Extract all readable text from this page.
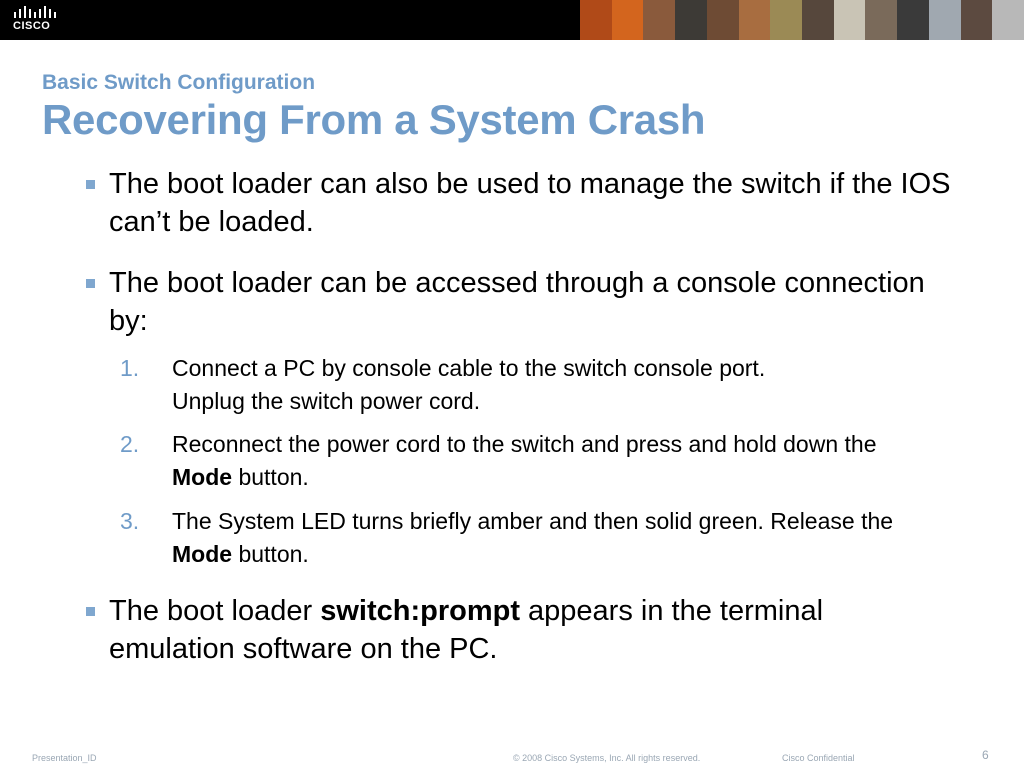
CISCO
Basic Switch Configuration
Recovering From a System Crash
The boot loader can also be used to manage the switch if the IOS can’t be loaded.
The boot loader can be accessed through a console connection by:
1.	Connect a PC by console cable to the switch console port.
Unplug the switch power cord.
2.	Reconnect the power cord to the switch and press and hold down the Mode button.
3.	The System LED turns briefly amber and then solid green. Release the Mode button.
The boot loader switch:prompt appears in the terminal emulation software on the PC.
Presentation_ID	© 2008 Cisco Systems, Inc. All rights reserved.	Cisco Confidential	6
